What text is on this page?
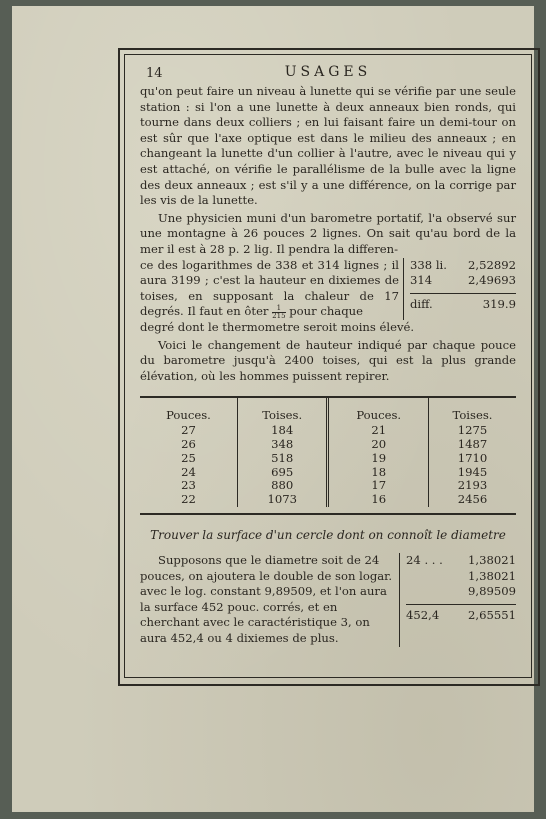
14	USAGES

qu'on peut faire un niveau à lunette qui se vérifie par une seule station : si l'on a une lunette à deux anneaux bien ronds, qui tourne dans deux colliers ; en lui faisant faire un demi-tour on est sûr que l'axe optique est dans le milieu des anneaux ; en changeant la lunette d'un collier à l'autre, avec le niveau qui y est attaché, on vérifie le parallélisme de la bulle avec la ligne des deux anneaux ; est s'il y a une différence, on la corrige par les vis de la lunette.

Une physicien muni d'un barometre portatif, l'a observé sur une montagne à 26 pouces 2 lignes. On sait qu'au bord de la mer il est à 28 p. 2 lig. Il pendra la differen-

ce des logarithmes de 338 et 314 lignes ; il aura 3199 ; c'est la hauteur en dixiemes de toises, en supposant la chaleur de 17 degrés. Il faut en ôter $\frac{1}{215}$ pour chaque

338 li. 2,52892
314	2,49693
diff.	319.9

degré dont le thermometre seroit moins élevé.

Voici le changement de hauteur indiqué par chaque pouce du barometre jusqu'à 2400 toises, qui est la plus grande élévation, où les hommes puissent repirer.

Pouces.	Toises.	Pouces.	Toises.
27	184	21	1275
26	348	20	1487
25	518	19	1710
24	695	18	1945
23	880	17	2193
22	1073	16	2456
Trouver la surface d'un cercle dont on connoît le diametre

Supposons que le diametre soit de 24 pouces, on ajoutera le double de son logar. avec le log. constant 9,89509, et l'on aura la surface 452 pouc. corrés, et en cherchant avec le caractéristique 3, on aura 452,4 ou 4 dixiemes de plus.

24 . . . 1,38021
1,38021
9,89509
452,4 2,65551
